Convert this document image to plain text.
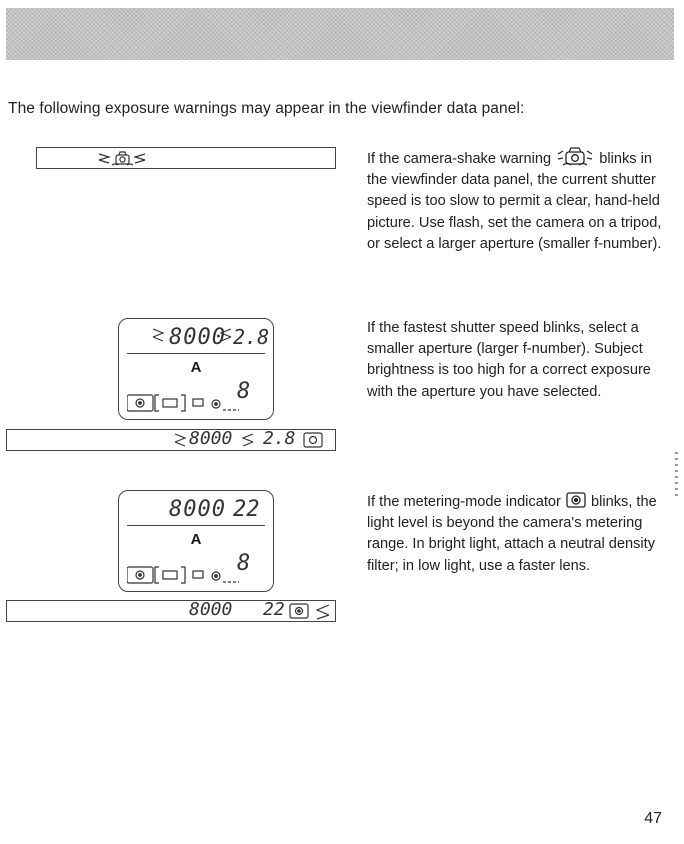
The following exposure warnings may appear in the viewfinder data panel:
If the camera-shake warning	blinks in the viewfinder data panel, the current shutter speed is too slow to permit a clear, hand-held picture. Use flash, set the camera on a tripod, or select a larger aperture (smaller f-number).
8000 2.8
A
8
8000 2.8
If the fastest shutter speed blinks, select a smaller aperture (larger f-number). Subject brightness is too high for a correct exposure with the aperture you have selected.
8000 22
A
8
8000 22
If the metering-mode indicator  blinks, the light level is beyond the camera's metering range. In bright light, attach a neutral density filter; in low light, use a faster lens.
47
